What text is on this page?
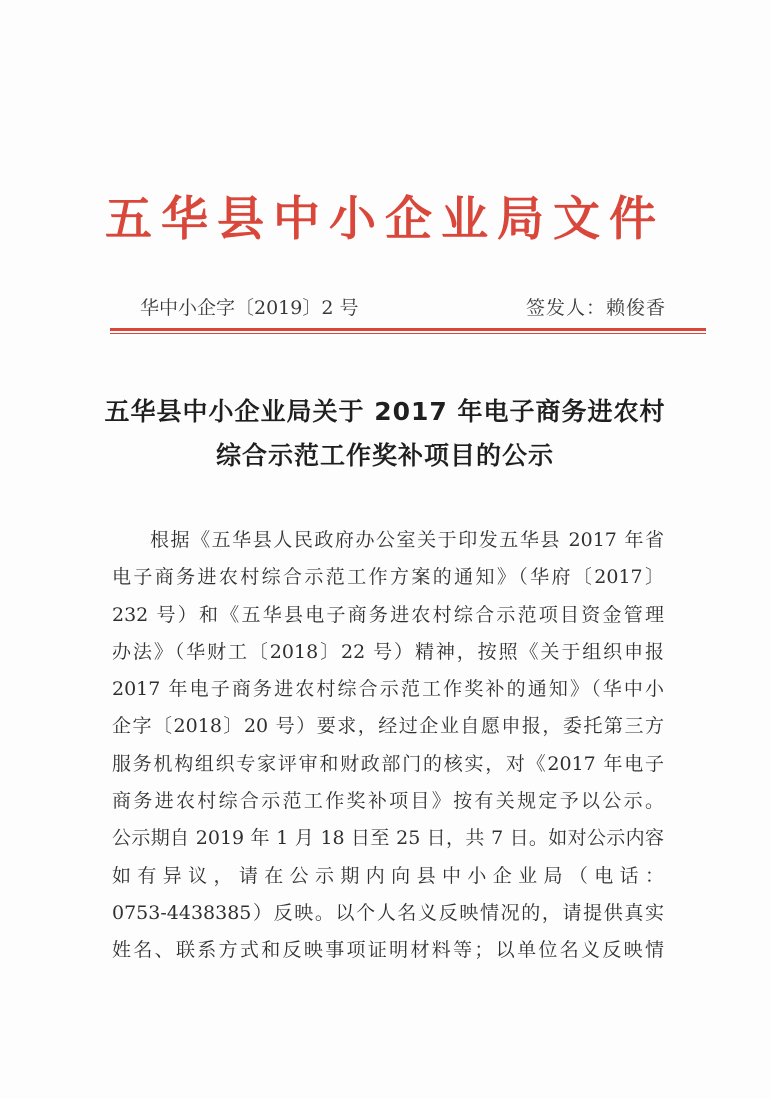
五华县中小企业局文件
华中小企字〔2019〕2 号	签发人：赖俊香
五华县中小企业局关于 2017 年电子商务进农村
综合示范工作奖补项目的公示
根据《五华县人民政府办公室关于印发五华县 2017 年省
电子商务进农村综合示范工作方案的通知》（华府〔2017〕
232 号）和《五华县电子商务进农村综合示范项目资金管理
办法》（华财工〔2018〕22 号）精神，按照《关于组织申报
2017 年电子商务进农村综合示范工作奖补的通知》（华中小
企字〔2018〕20 号）要求，经过企业自愿申报，委托第三方
服务机构组织专家评审和财政部门的核实，对《2017 年电子
商务进农村综合示范工作奖补项目》按有关规定予以公示。
公示期自 2019 年 1 月 18 日至 25 日，共 7 日。如对公示内容
如有异议，请在公示期内向县中小企业局（电话：
0753-4438385）反映。以个人名义反映情况的，请提供真实
姓名、联系方式和反映事项证明材料等；以单位名义反映情
